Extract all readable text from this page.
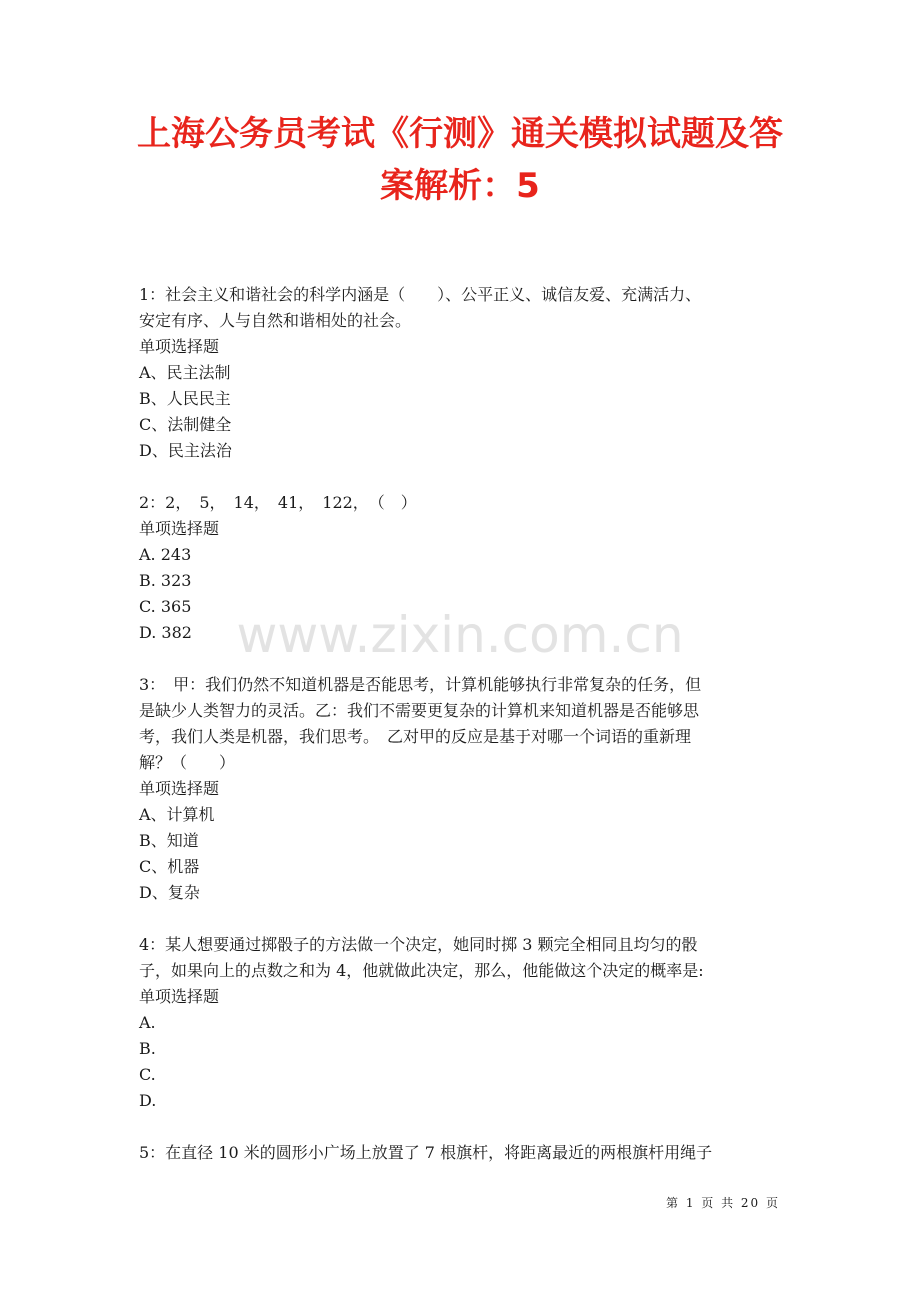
上海公务员考试《行测》通关模拟试题及答
案解析：5
1：社会主义和谐社会的科学内涵是（　　）、公平正义、诚信友爱、充满活力、
安定有序、人与自然和谐相处的社会。
单项选择题
A、民主法制
B、人民民主
C、法制健全
D、民主法治
2：2，　5，　14，　41，　122，　（　）
单项选择题
A. 243
B. 323
C. 365
D. 382
3：　甲：我们仍然不知道机器是否能思考，计算机能够执行非常复杂的任务，但
是缺少人类智力的灵活。乙：我们不需要更复杂的计算机来知道机器是否能够思
考，我们人类是机器，我们思考。　乙对甲的反应是基于对哪一个词语的重新理
解？（　　）
单项选择题
A、计算机
B、知道
C、机器
D、复杂
4：某人想要通过掷骰子的方法做一个决定，她同时掷 3 颗完全相同且均匀的骰
子，如果向上的点数之和为 4，他就做此决定，那么，他能做这个决定的概率是:
单项选择题
A.
B.
C.
D.
5：在直径 10 米的圆形小广场上放置了 7 根旗杆，将距离最近的两根旗杆用绳子
www.zixin.com.cn
第 1 页 共 20 页
